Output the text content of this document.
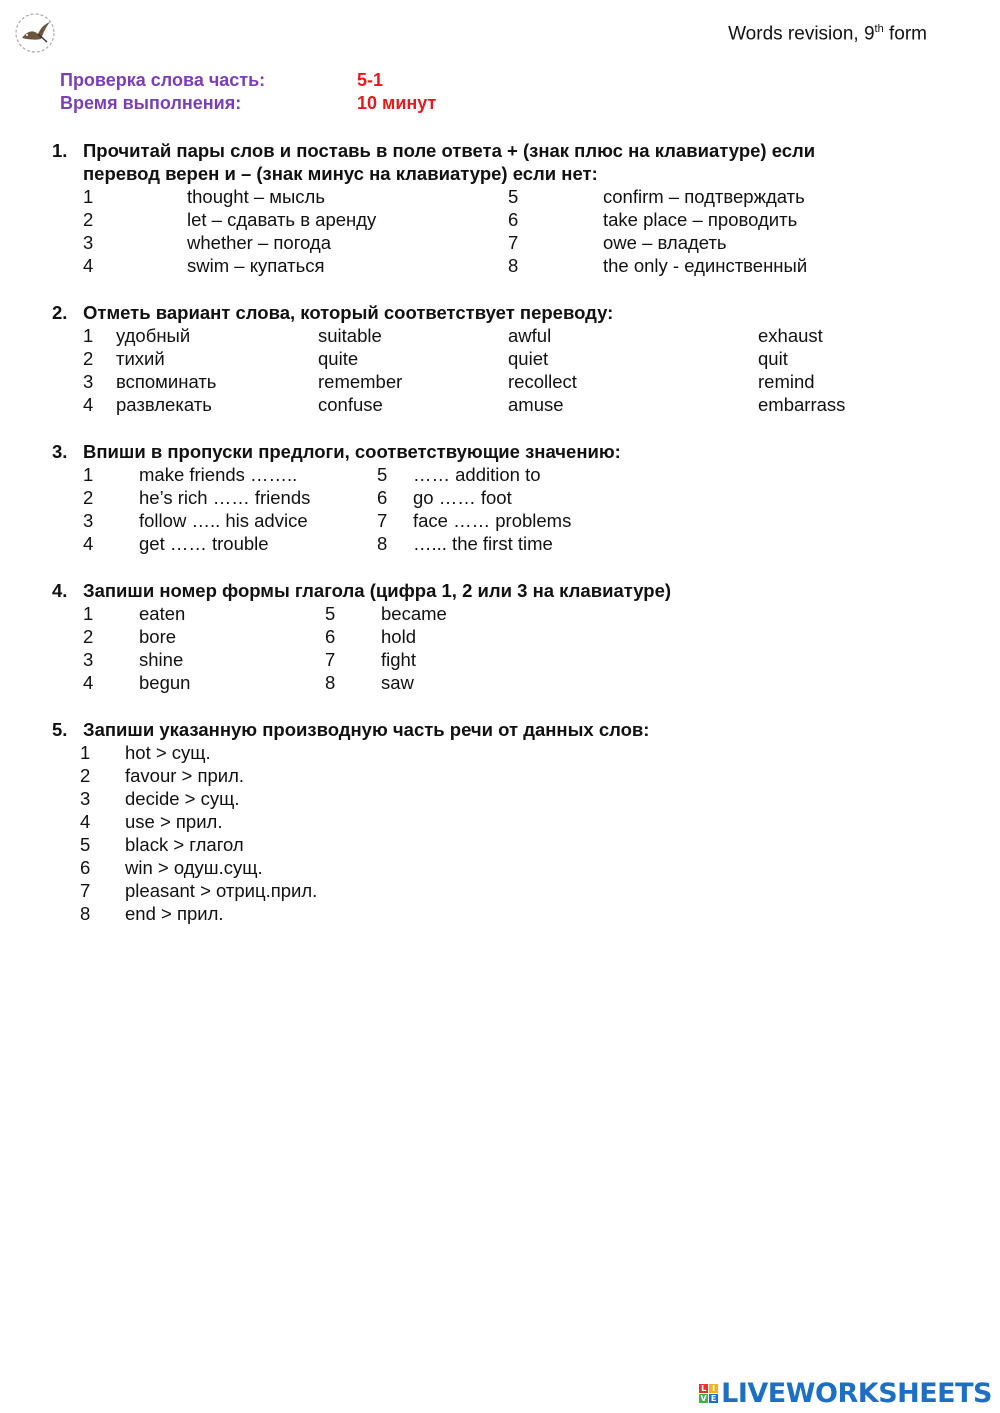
Words revision, 9th form
Проверка слова часть:	5-1
Время выполнения:	10 минут
1. Прочитай пары слов и поставь в поле ответа + (знак плюс на клавиатуре) если
перевод верен и – (знак минус на клавиатуре) если нет:
1	thought – мысль	5	confirm – подтверждать
2	let – сдавать в аренду	6	take place – проводить
3	whether – погода	7	owe – владеть
4	swim – купаться	8	the only - единственный
2. Отметь вариант слова, который соответствует переводу:
1 удобный	suitable	awful	exhaust
2 тихий	quite	quiet	quit
3 вспоминать	remember	recollect	remind
4 развлекать	confuse	amuse	embarrass
3. Впиши в пропуски предлоги, соответствующие значению:
1 make friends ……..	5 …… addition to
2 he’s rich …… friends	6 go …… foot
3 follow ….. his advice	7 face …… problems
4 get …… trouble	8 …... the first time
4. Запиши номер формы глагола (цифра 1, 2 или 3 на клавиатуре)
1 eaten	5 became
2 bore	6 hold
3 shine	7 fight
4 begun	8 saw
5. Запиши указанную производную часть речи от данных слов:
1 hot > сущ.
2 favour > прил.
3 decide > сущ.
4 use > прил.
5 black > глагол
6 win > одуш.сущ.
7 pleasant > отриц.прил.
8 end > прил.
L I
V E LIVEWORKSHEETS
